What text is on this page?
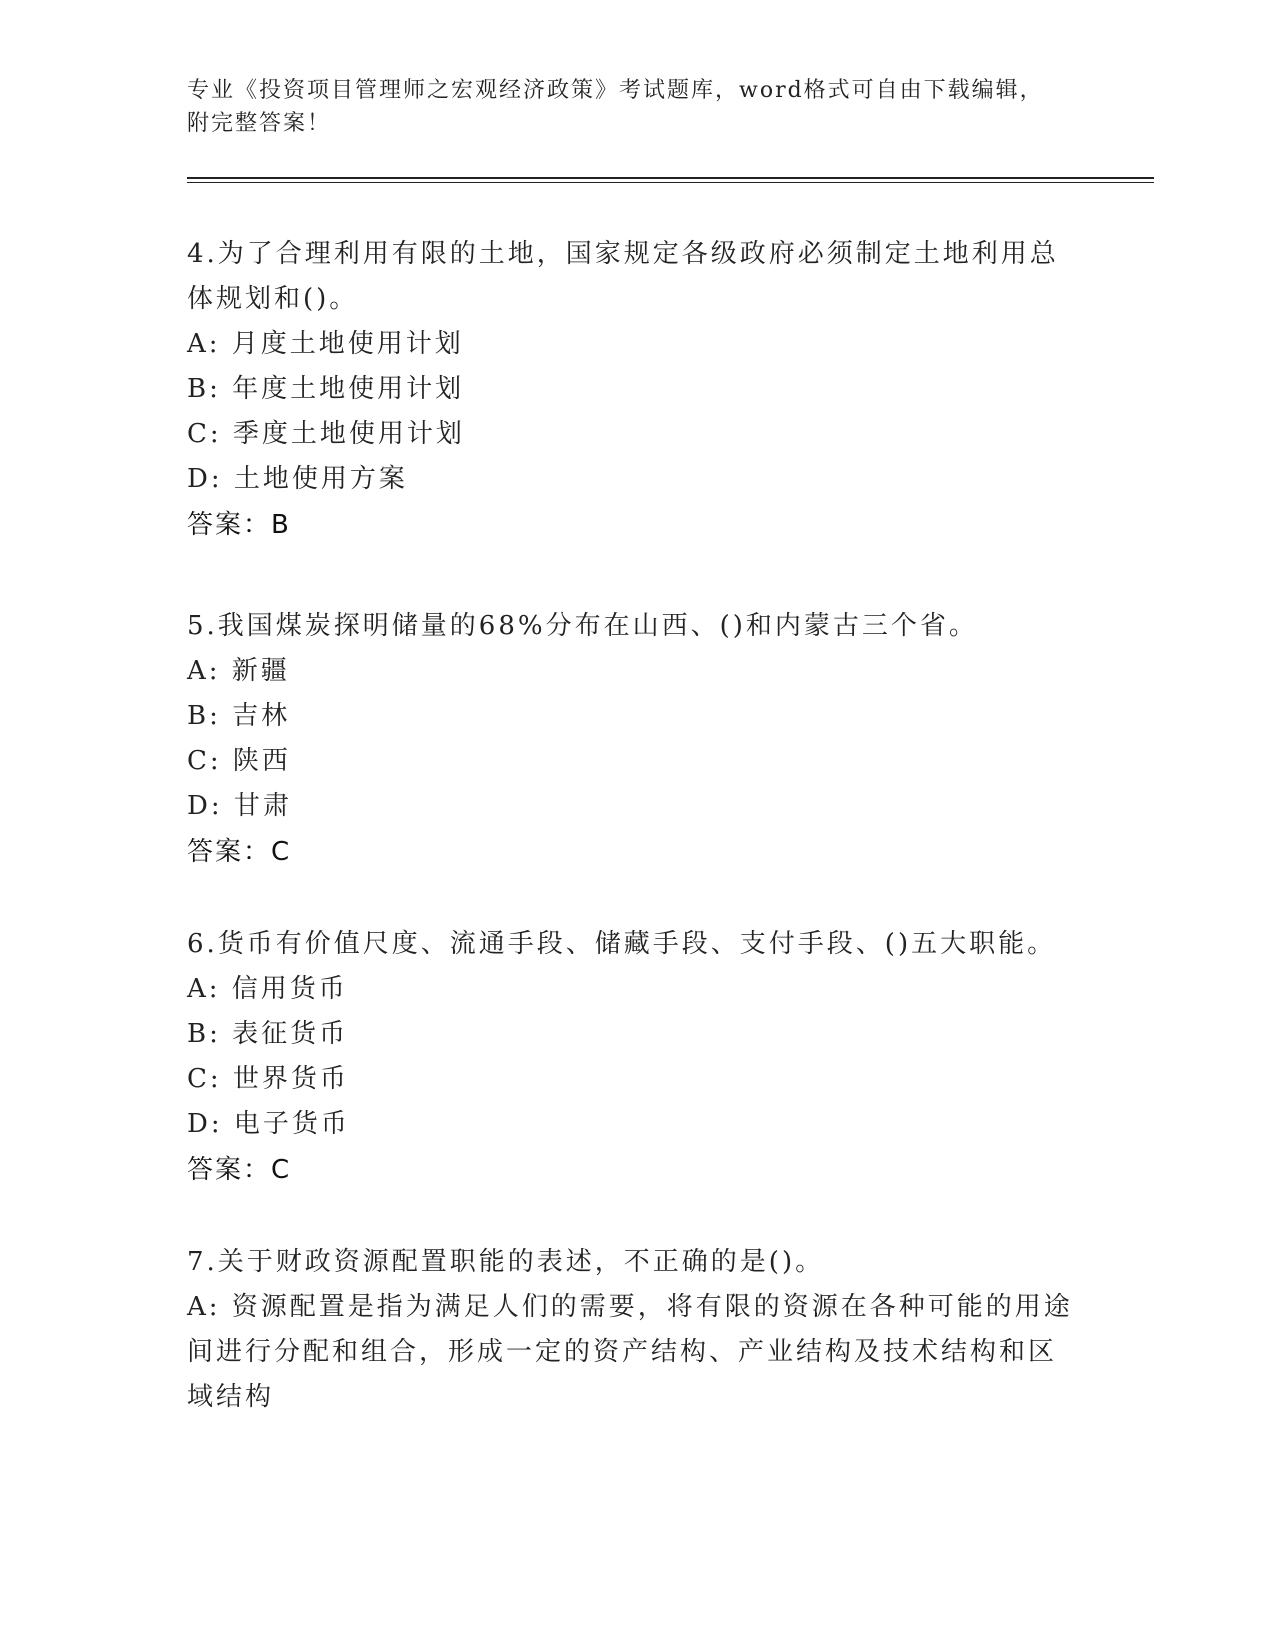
专业《投资项目管理师之宏观经济政策》考试题库，word格式可自由下载编辑，
附完整答案！
4.为了合理利用有限的土地，国家规定各级政府必须制定土地利用总
体规划和()。
A: 月度土地使用计划
B: 年度土地使用计划
C: 季度土地使用计划
D: 土地使用方案
答案：B
5.我国煤炭探明储量的68%分布在山西、()和内蒙古三个省。
A: 新疆
B: 吉林
C: 陕西
D: 甘肃
答案：C
6.货币有价值尺度、流通手段、储藏手段、支付手段、()五大职能。
A: 信用货币
B: 表征货币
C: 世界货币
D: 电子货币
答案：C
7.关于财政资源配置职能的表述，不正确的是()。
A: 资源配置是指为满足人们的需要，将有限的资源在各种可能的用途
间进行分配和组合，形成一定的资产结构、产业结构及技术结构和区
域结构
